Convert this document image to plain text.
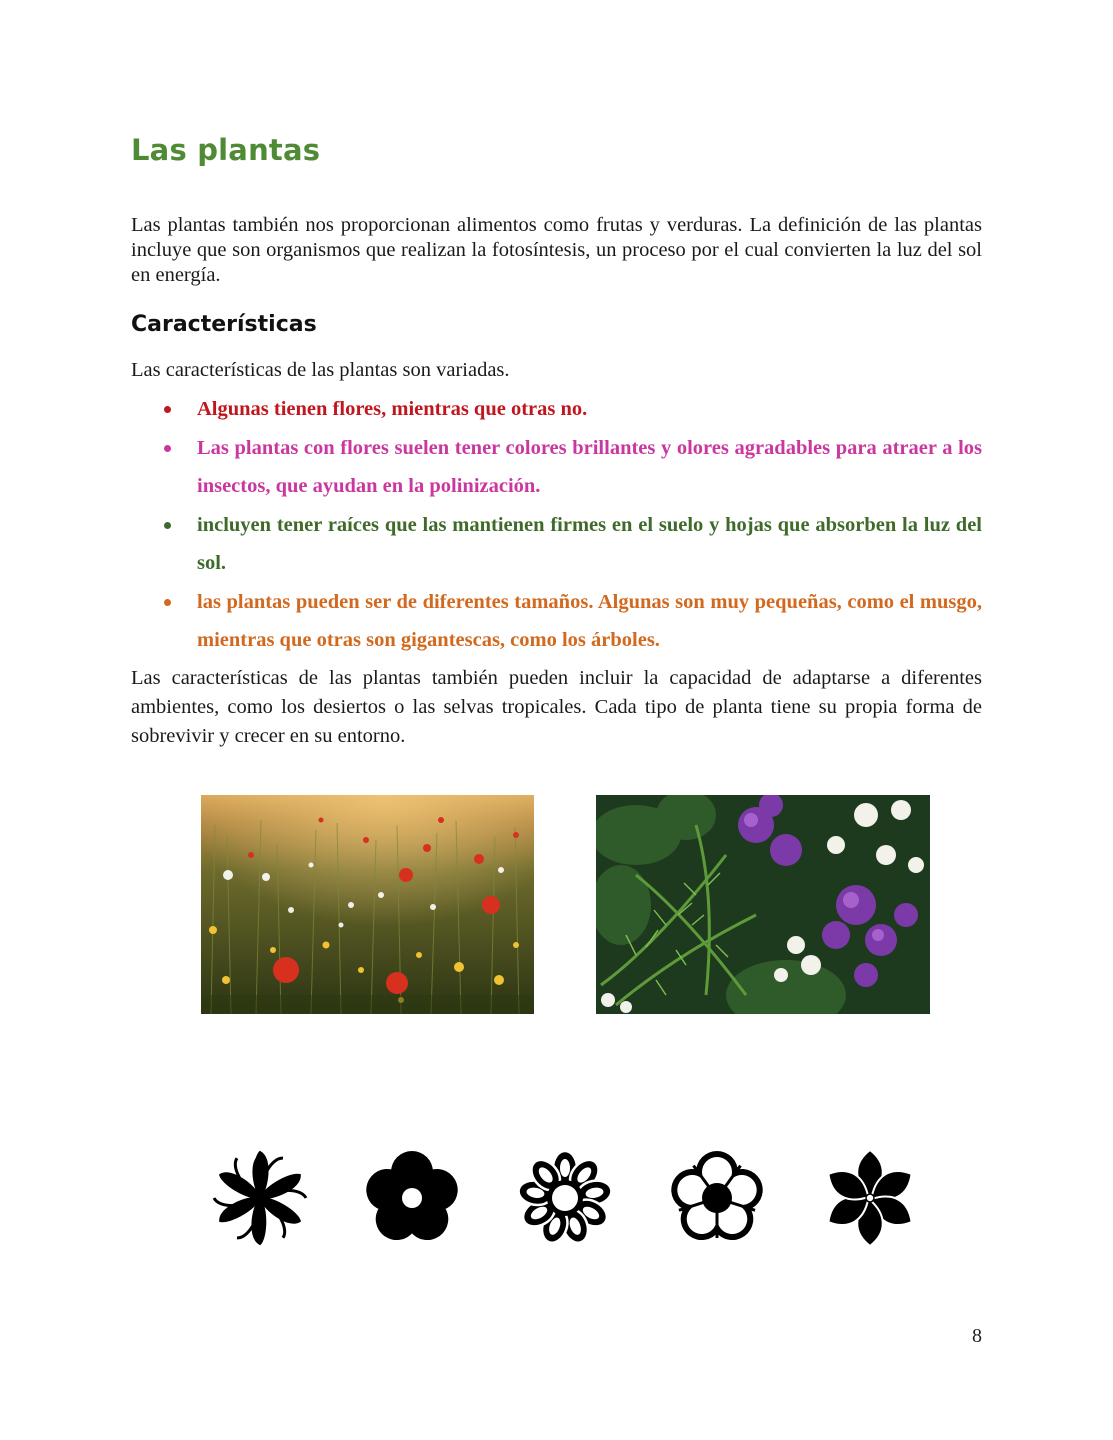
Las plantas

Las plantas también nos proporcionan alimentos como frutas y verduras. La definición de las plantas incluye que son organismos que realizan la fotosíntesis, un proceso por el cual convierten la luz del sol en energía.

Características

Las características de las plantas son variadas.

Algunas tienen flores, mientras que otras no.
Las plantas con flores suelen tener colores brillantes y olores agradables para atraer a los insectos, que ayudan en la polinización.
incluyen tener raíces que las mantienen firmes en el suelo y hojas que absorben la luz del sol.
las plantas pueden ser de diferentes tamaños. Algunas son muy pequeñas, como el musgo, mientras que otras son gigantescas, como los árboles.

Las características de las plantas también pueden incluir la capacidad de adaptarse a diferentes ambientes, como los desiertos o las selvas tropicales. Cada tipo de planta tiene su propia forma de sobrevivir y crecer en su entorno.

8
